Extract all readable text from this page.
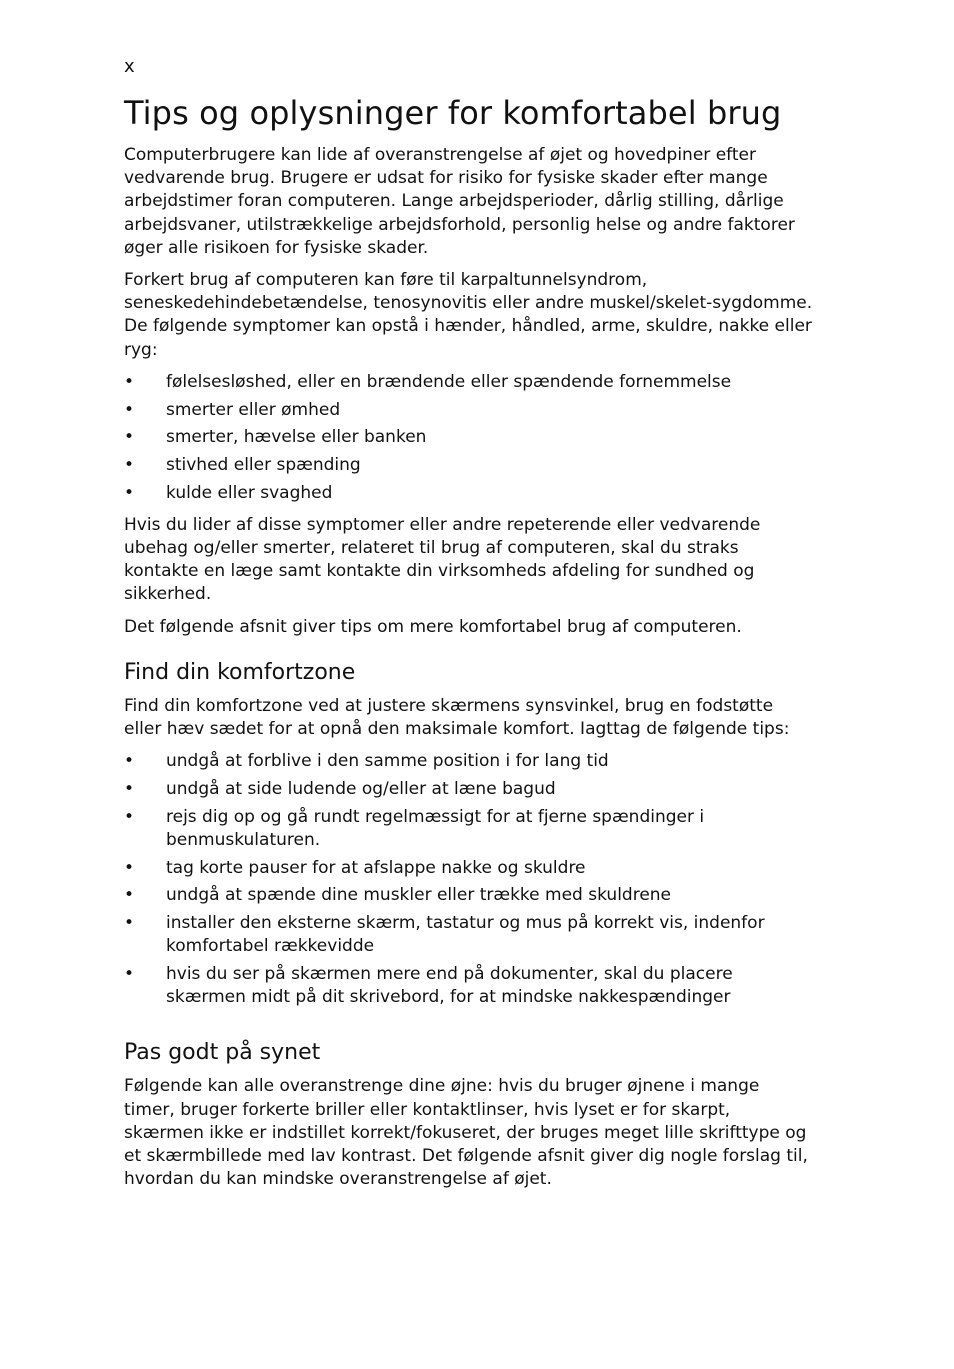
x
Tips og oplysninger for komfortabel brug

Computerbrugere kan lide af overanstrengelse af øjet og hovedpiner efter vedvarende brug. Brugere er udsat for risiko for fysiske skader efter mange arbejdstimer foran computeren. Lange arbejdsperioder, dårlig stilling, dårlige arbejdsvaner, utilstrækkelige arbejdsforhold, personlig helse og andre faktorer øger alle risikoen for fysiske skader.

Forkert brug af computeren kan føre til karpaltunnelsyndrom, seneskedehindebetændelse, tenosynovitis eller andre muskel/skelet-sygdomme. De følgende symptomer kan opstå i hænder, håndled, arme, skuldre, nakke eller ryg:

• følelsesløshed, eller en brændende eller spændende fornemmelse
• smerter eller ømhed
• smerter, hævelse eller banken
• stivhed eller spænding
• kulde eller svaghed

Hvis du lider af disse symptomer eller andre repeterende eller vedvarende ubehag og/eller smerter, relateret til brug af computeren, skal du straks kontakte en læge samt kontakte din virksomheds afdeling for sundhed og sikkerhed.

Det følgende afsnit giver tips om mere komfortabel brug af computeren.

Find din komfortzone

Find din komfortzone ved at justere skærmens synsvinkel, brug en fodstøtte eller hæv sædet for at opnå den maksimale komfort. Iagttag de følgende tips:

• undgå at forblive i den samme position i for lang tid
• undgå at side ludende og/eller at læne bagud
• rejs dig op og gå rundt regelmæssigt for at fjerne spændinger i benmuskulaturen.
• tag korte pauser for at afslappe nakke og skuldre
• undgå at spænde dine muskler eller trække med skuldrene
• installer den eksterne skærm, tastatur og mus på korrekt vis, indenfor komfortabel rækkevidde
• hvis du ser på skærmen mere end på dokumenter, skal du placere skærmen midt på dit skrivebord, for at mindske nakkespændinger
Pas godt på synet

Følgende kan alle overanstrenge dine øjne: hvis du bruger øjnene i mange timer, bruger forkerte briller eller kontaktlinser, hvis lyset er for skarpt, skærmen ikke er indstillet korrekt/fokuseret, der bruges meget lille skrifttype og et skærmbillede med lav kontrast. Det følgende afsnit giver dig nogle forslag til, hvordan du kan mindske overanstrengelse af øjet.
